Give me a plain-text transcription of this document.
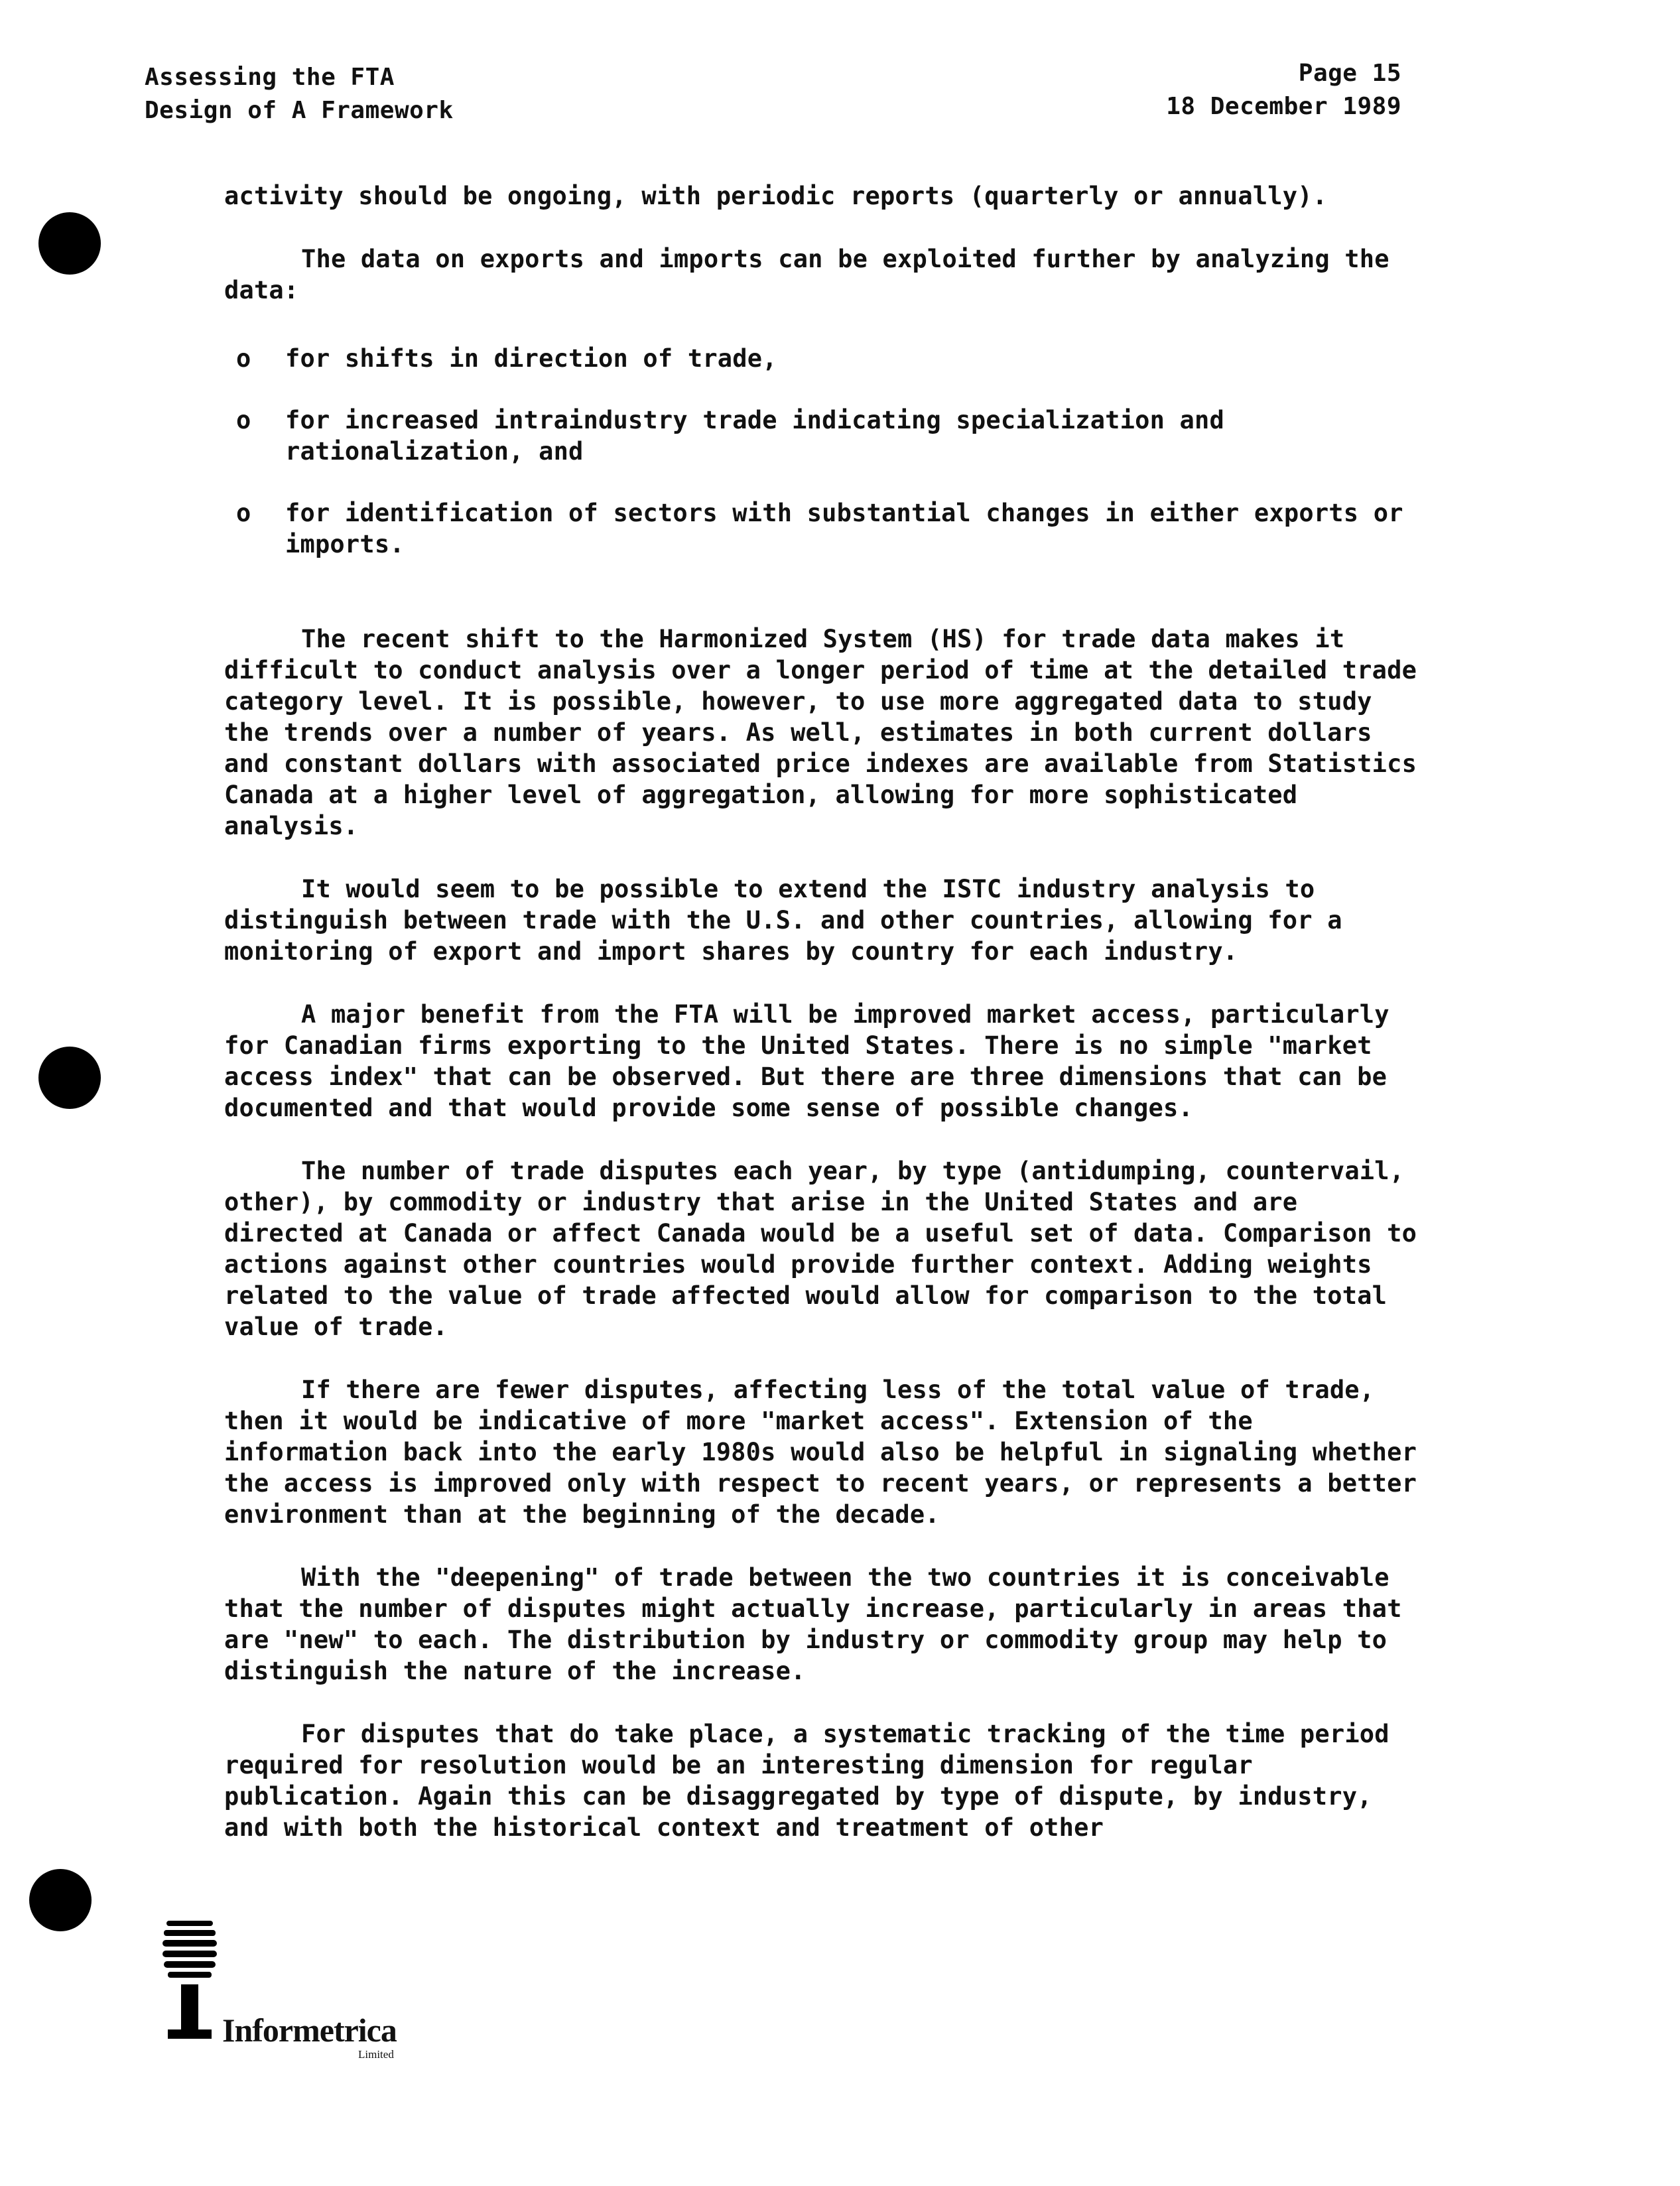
Assessing the FTA
Design of A Framework
Page 15
18 December 1989

activity should be ongoing, with periodic reports (quarterly or annually).

The data on exports and imports can be exploited further by analyzing the data:

o for shifts in direction of trade,
o for increased intraindustry trade indicating specialization and rationalization, and
o for identification of sectors with substantial changes in either exports or imports.

The recent shift to the Harmonized System (HS) for trade data makes it difficult to conduct analysis over a longer period of time at the detailed trade category level. It is possible, however, to use more aggregated data to study the trends over a number of years. As well, estimates in both current dollars and constant dollars with associated price indexes are available from Statistics Canada at a higher level of aggregation, allowing for more sophisticated analysis.

It would seem to be possible to extend the ISTC industry analysis to distinguish between trade with the U.S. and other countries, allowing for a monitoring of export and import shares by country for each industry.

A major benefit from the FTA will be improved market access, particularly for Canadian firms exporting to the United States. There is no simple "market access index" that can be observed. But there are three dimensions that can be documented and that would provide some sense of possible changes.

The number of trade disputes each year, by type (antidumping, countervail, other), by commodity or industry that arise in the United States and are directed at Canada or affect Canada would be a useful set of data. Comparison to actions against other countries would provide further context. Adding weights related to the value of trade affected would allow for comparison to the total value of trade.

If there are fewer disputes, affecting less of the total value of trade, then it would be indicative of more "market access". Extension of the information back into the early 1980s would also be helpful in signaling whether the access is improved only with respect to recent years, or represents a better environment than at the beginning of the decade.

With the "deepening" of trade between the two countries it is conceivable that the number of disputes might actually increase, particularly in areas that are "new" to each. The distribution by industry or commodity group may help to distinguish the nature of the increase.

For disputes that do take place, a systematic tracking of the time period required for resolution would be an interesting dimension for regular publication. Again this can be disaggregated by type of dispute, by industry, and with both the historical context and treatment of other

Informetrica
Limited
